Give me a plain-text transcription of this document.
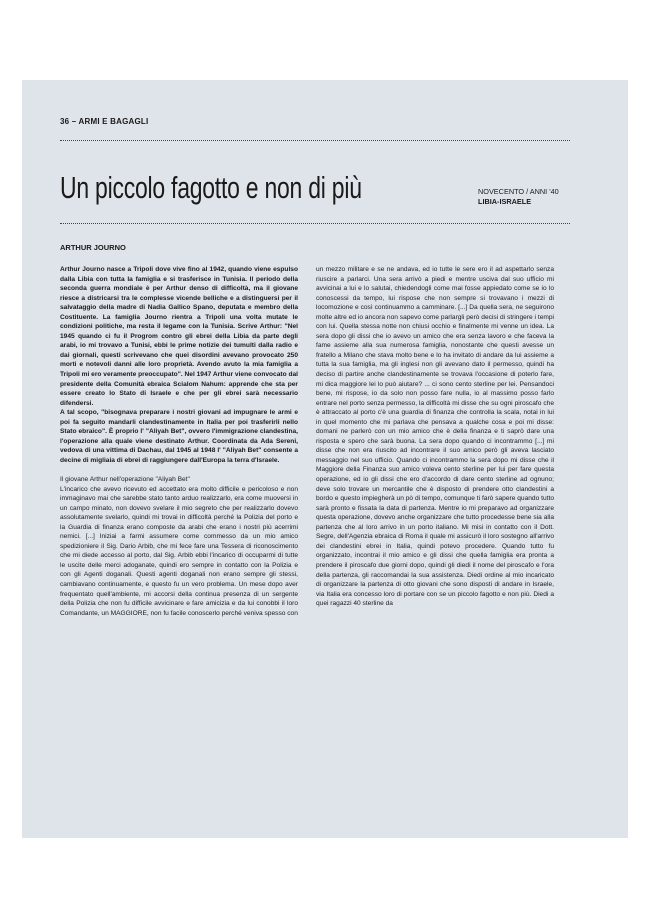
36 – ARMI E BAGAGLI
Un piccolo fagotto e non di più	NOVECENTO / ANNI '40
LIBIA-ISRAELE
ARTHUR JOURNO

Arthur Journo nasce a Tripoli dove vive fino al 1942, quando viene espulso dalla Libia con tutta la famiglia e si trasferisce in Tunisia. Il periodo della seconda guerra mondiale è per Arthur denso di difficoltà, ma il giovane riesce a districarsi tra le complesse vicende belliche e a distinguersi per il salvataggio della madre di Nadia Gallico Spano, deputata e membro della Costituente. La famiglia Journo rientra a Tripoli una volta mutate le condizioni politiche, ma resta il legame con la Tunisia. Scrive Arthur: "Nel 1945 quando ci fu il Progrom contro gli ebrei della Libia da parte degli arabi, io mi trovavo a Tunisi, ebbi le prime notizie dei tumulti dalla radio e dai giornali, questi scrivevano che quei disordini avevano provocato 250 morti e notevoli danni alle loro proprietà. Avendo avuto la mia famiglia a Tripoli mi ero veramente preoccupato". Nel 1947 Arthur viene convocato dal presidente della Comunità ebraica Scialom Nahum: apprende che sta per essere creato lo Stato di Israele e che per gli ebrei sarà necessario difendersi.

A tal scopo, "bisognava preparare i nostri giovani ad impugnare le armi e poi fa seguito mandarli clandestinamente in Italia per poi trasferirli nello Stato ebraico". È proprio l' "Aliyah Bet", ovvero l'immigrazione clandestina, l'operazione alla quale viene destinato Arthur. Coordinata da Ada Sereni, vedova di una vittima di Dachau, dal 1945 al 1948 l' "Aliyah Bet" consente a decine di migliaia di ebrei di raggiungere dall'Europa la terra d'Israele.

Il giovane Arthur nell'operazione "Aliyah Bet"

L'incarico che avevo ricevuto ed accettato era molto difficile e pericoloso e non immaginavo mai che sarebbe stato tanto arduo realizzarlo, era come muoversi in un campo minato, non dovevo svelare il mio segreto che per realizzarlo dovevo assolutamente svelarlo, quindi mi trovai in difficoltà perché la Polizia del porto e la Guardia di finanza erano composte da arabi che erano i nostri più acerrimi nemici. [...] Iniziai a farmi assumere come commesso da un mio amico spedizioniere il Sig. Dario Arbib, che mi fece fare una Tessera di riconoscimento che mi diede accesso al porto, dal Sig. Arbib ebbi l'incarico di occuparmi di tutte le uscite delle merci adoganate, quindi ero sempre in contatto con la Polizia e con gli Agenti doganali. Questi agenti doganali non erano sempre gli stessi, cambiavano continuamente, e questo fu un vero problema. Un mese dopo aver frequentato quell'ambiente, mi accorsi della continua presenza di un sergente della Polizia che non fu difficile avvicinare e fare amicizia e da lui conobbi il loro Comandante, un MAGGIORE, non fu facile conoscerlo perché veniva spesso con

un mezzo militare e se ne andava, ed io tutte le sere ero il ad aspettarlo senza riuscire a parlarci. Una sera arrivò a piedi e mentre usciva dal suo ufficio mi avvicinai a lui e lo salutai, chiedendogli come mai fosse appiedato come se io lo conoscessi da tempo, lui rispose che non sempre si trovavano i mezzi di locomozione e così continuammo a camminare. [...] Da quella sera, ne seguirono molte altre ed io ancora non sapevo come parlargli però decisi di stringere i tempi con lui. Quella stessa notte non chiusi occhio e finalmente mi venne un idea. La sera dopo gli dissi che io avevo un amico che era senza lavoro e che faceva la fame assieme alla sua numerosa famiglia, nonostante che questi avesse un fratello a Milano che stava molto bene e lo ha invitato di andare da lui assieme a tutta la sua famiglia, ma gli inglesi non gli avevano dato il permesso, quindi ha deciso di partire anche clandestinamente se trovava l'occasione di poterlo fare, mi dica maggiore lei lo può aiutare? ... ci sono cento sterline per lei. Pensandoci bene, mi rispose, io da solo non posso fare nulla, io al massimo posso farlo entrare nel porto senza permesso, la difficoltà mi disse che su ogni piroscafo che è attraccato al porto c'è una guardia di finanza che controlla la scala, notai in lui in quel momento che mi parlava che pensava a qualche cosa e poi mi disse: domani ne parlerò con un mio amico che è della finanza e ti saprò dare una risposta e spero che sarà buona. La sera dopo quando ci incontrammo [...] mi disse che non era riuscito ad incontrare il suo amico però gli aveva lasciato messaggio nel suo ufficio. Quando ci incontrammo la sera dopo mi disse che il Maggiore della Finanza suo amico voleva cento sterline per lui per fare questa operazione, ed io gli dissi che ero d'accordo di dare cento sterline ad ognuno; deve solo trovare un mercantile che è disposto di prendere otto clandestini a bordo e questo impiegherà un pò di tempo, comunque ti farò sapere quando tutto sarà pronto e fissata la data di partenza. Mentre io mi preparavo ad organizzare questa operazione, dovevo anche organizzare che tutto procedesse bene sia alla partenza che al loro arrivo in un porto italiano. Mi misi in contatto con il Dott. Segre, dell'Agenzia ebraica di Roma il quale mi assicurò il loro sostegno all'arrivo dei clandestini ebrei in Italia, quindi potevo procedere. Quando tutto fu organizzato, incontrai il mio amico e gli dissi che quella famiglia era pronta a prendere il piroscafo due giorni dopo, quindi gli diedi il nome del piroscafo e l'ora della partenza, gli raccomandai la sua assistenza. Diedi ordine al mio incaricato di organizzare la partenza di otto giovani che sono disposti di andare in Israele, via Italia era concesso loro di portare con se un piccolo fagotto e non più. Diedi a quei ragazzi 40 sterline da
